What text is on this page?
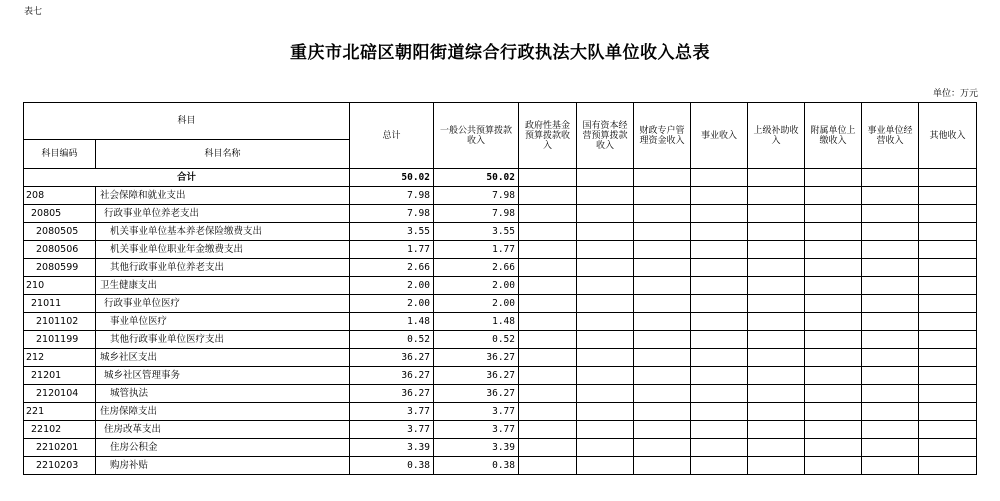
表七
重庆市北碚区朝阳街道综合行政执法大队单位收入总表
单位：万元
科目		总计	一般公共预算拨款收入	政府性基金预算拨款收入	国有资本经营预算拨款收入	财政专户管理资金收入	事业收入	上级补助收入	附属单位上缴收入	事业单位经营收入	其他收入
科目编码	科目名称										
合计		50.02	50.02								
208	社会保障和就业支出	7.98	7.98								
20805	行政事业单位养老支出	7.98	7.98								
2080505	机关事业单位基本养老保险缴费支出	3.55	3.55								
2080506	机关事业单位职业年金缴费支出	1.77	1.77								
2080599	其他行政事业单位养老支出	2.66	2.66								
210	卫生健康支出	2.00	2.00								
21011	行政事业单位医疗	2.00	2.00								
2101102	事业单位医疗	1.48	1.48								
2101199	其他行政事业单位医疗支出	0.52	0.52								
212	城乡社区支出	36.27	36.27								
21201	城乡社区管理事务	36.27	36.27								
2120104	城管执法	36.27	36.27								
221	住房保障支出	3.77	3.77								
22102	住房改革支出	3.77	3.77								
2210201	住房公积金	3.39	3.39								
2210203	购房补贴	0.38	0.38								
